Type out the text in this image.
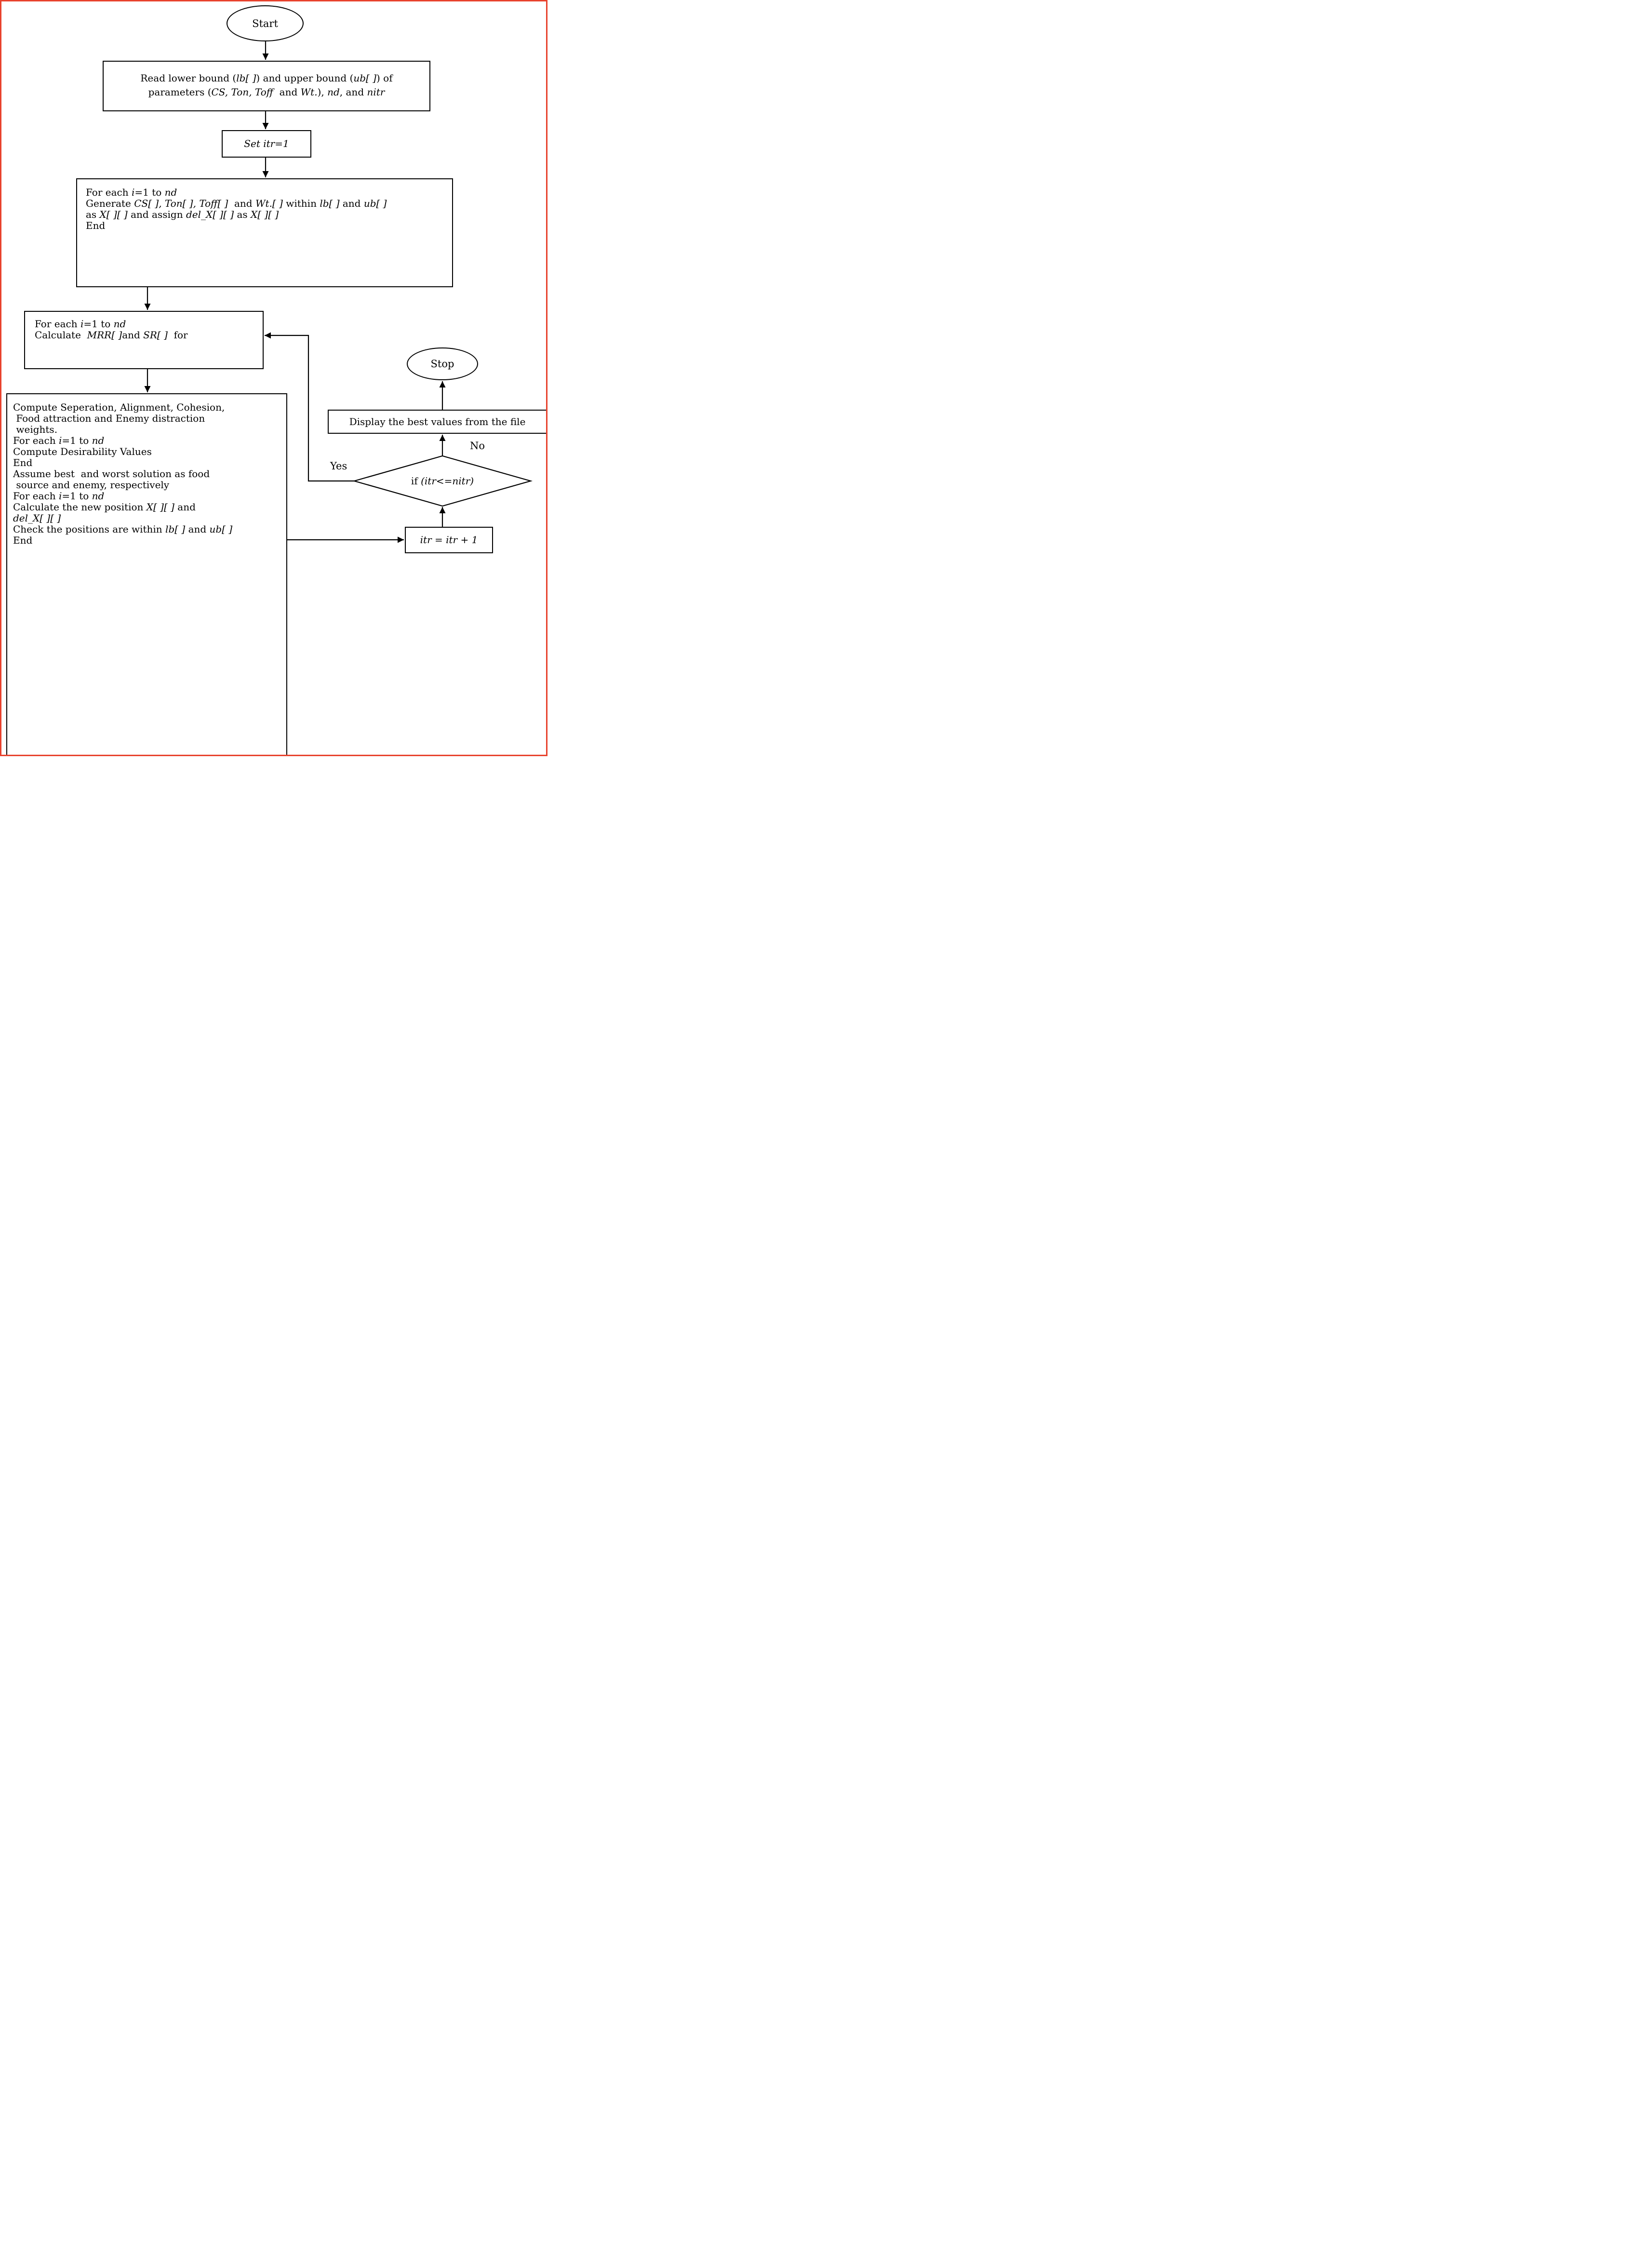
Start

Read lower bound (lb[ ]) and upper bound (ub[ ]) of

parameters (CS, Ton, Toff  and Wt.), nd, and nitr

Set itr=1

For each i=1 to nd

Generate CS[ ], Ton[ ], Toff[ ]  and Wt.[ ] within lb[ ] and ub[ ]

as X[ ][ ] and assign del_X[ ][ ] as X[ ][ ]

End

For each i=1 to nd

Calculate  MRR[ ]and SR[ ]  for

Compute Seperation, Alignment, Cohesion,

Food attraction and Enemy distraction

weights.

For each i=1 to nd

Compute Desirability Values

End

Assume best  and worst solution as food

source and enemy, respectively

For each i=1 to nd

Calculate the new position X[ ][ ] and

del_X[ ][ ]

Check the positions are within lb[ ] and ub[ ]

End

Stop
Display the best values from the file

if (itr<=nitr)

itr = itr + 1

Yes
No
